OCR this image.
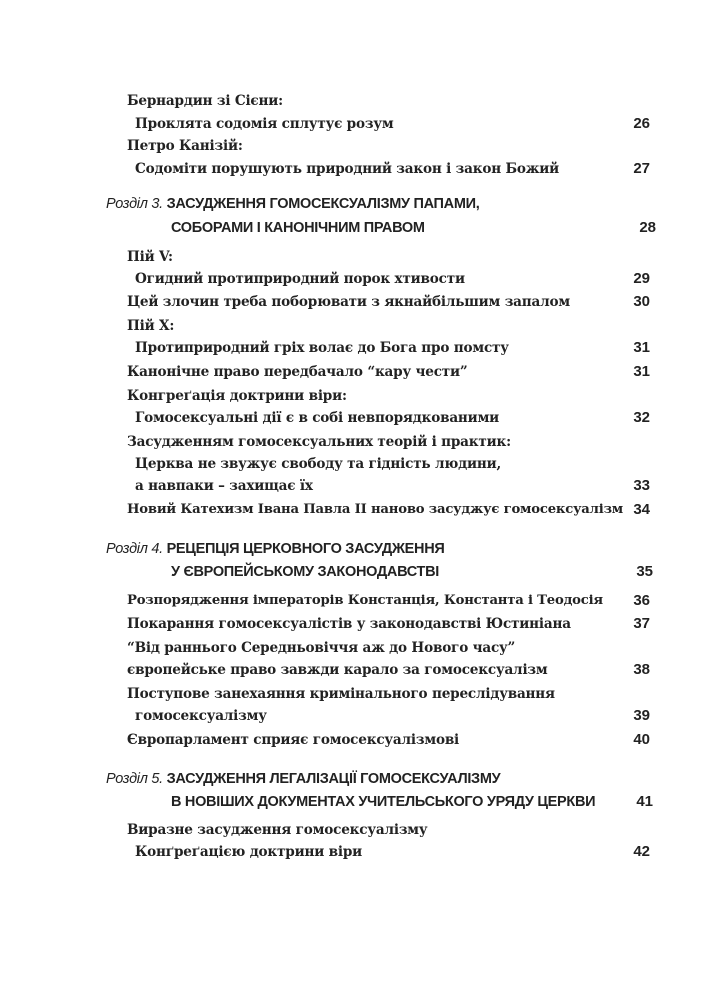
Бернардин зі Сієни:
Проклята содомія сплутує розум	26
Петро Канізій:
Содоміти порушують природний закон і закон Божий	27
Розділ 3. ЗАСУДЖЕННЯ ГОМОСЕКСУАЛІЗМУ ПАПАМИ,
СОБОРАМИ І КАНОНІЧНИМ ПРАВОМ	28
Пій V:
Огидний протиприродний порок хтивости	29
Цей злочин треба поборювати з якнайбільшим запалом	30
Пій X:
Протиприродний гріх волає до Бога про помсту	31
Канонічне право передбачало “кару чести”	31
Конгреґація доктрини віри:
Гомосексуальні дії є в собі невпорядкованими	32
Засудженням гомосексуальних теорій і практик:
Церква не звужує свободу та гідність людини,
а навпаки – захищає їх	33
Новий Катехизм Івана Павла ІІ наново засуджує гомосексуалізм 34
Розділ 4. РЕЦЕПЦІЯ ЦЕРКОВНОГО ЗАСУДЖЕННЯ
У ЄВРОПЕЙСЬКОМУ ЗАКОНОДАВСТВІ	35
Розпорядження імператорів Констанція, Константа і Теодосія	36
Покарання гомосексуалістів у законодавстві Юстиніана	37
“Від раннього Середньовіччя аж до Нового часу”
європейське право завжди карало за гомосексуалізм	38
Поступове занехаяння кримінального переслідування
гомосексуалізму	39
Європарламент сприяє гомосексуалізмові	40
Розділ 5. ЗАСУДЖЕННЯ ЛЕГАЛІЗАЦІЇ ГОМОСЕКСУАЛІЗМУ
В НОВІШИХ ДОКУМЕНТАХ УЧИТЕЛЬСЬКОГО УРЯДУ ЦЕРКВИ	41
Виразне засудження гомосексуалізму
Конґреґацією доктрини віри	42
